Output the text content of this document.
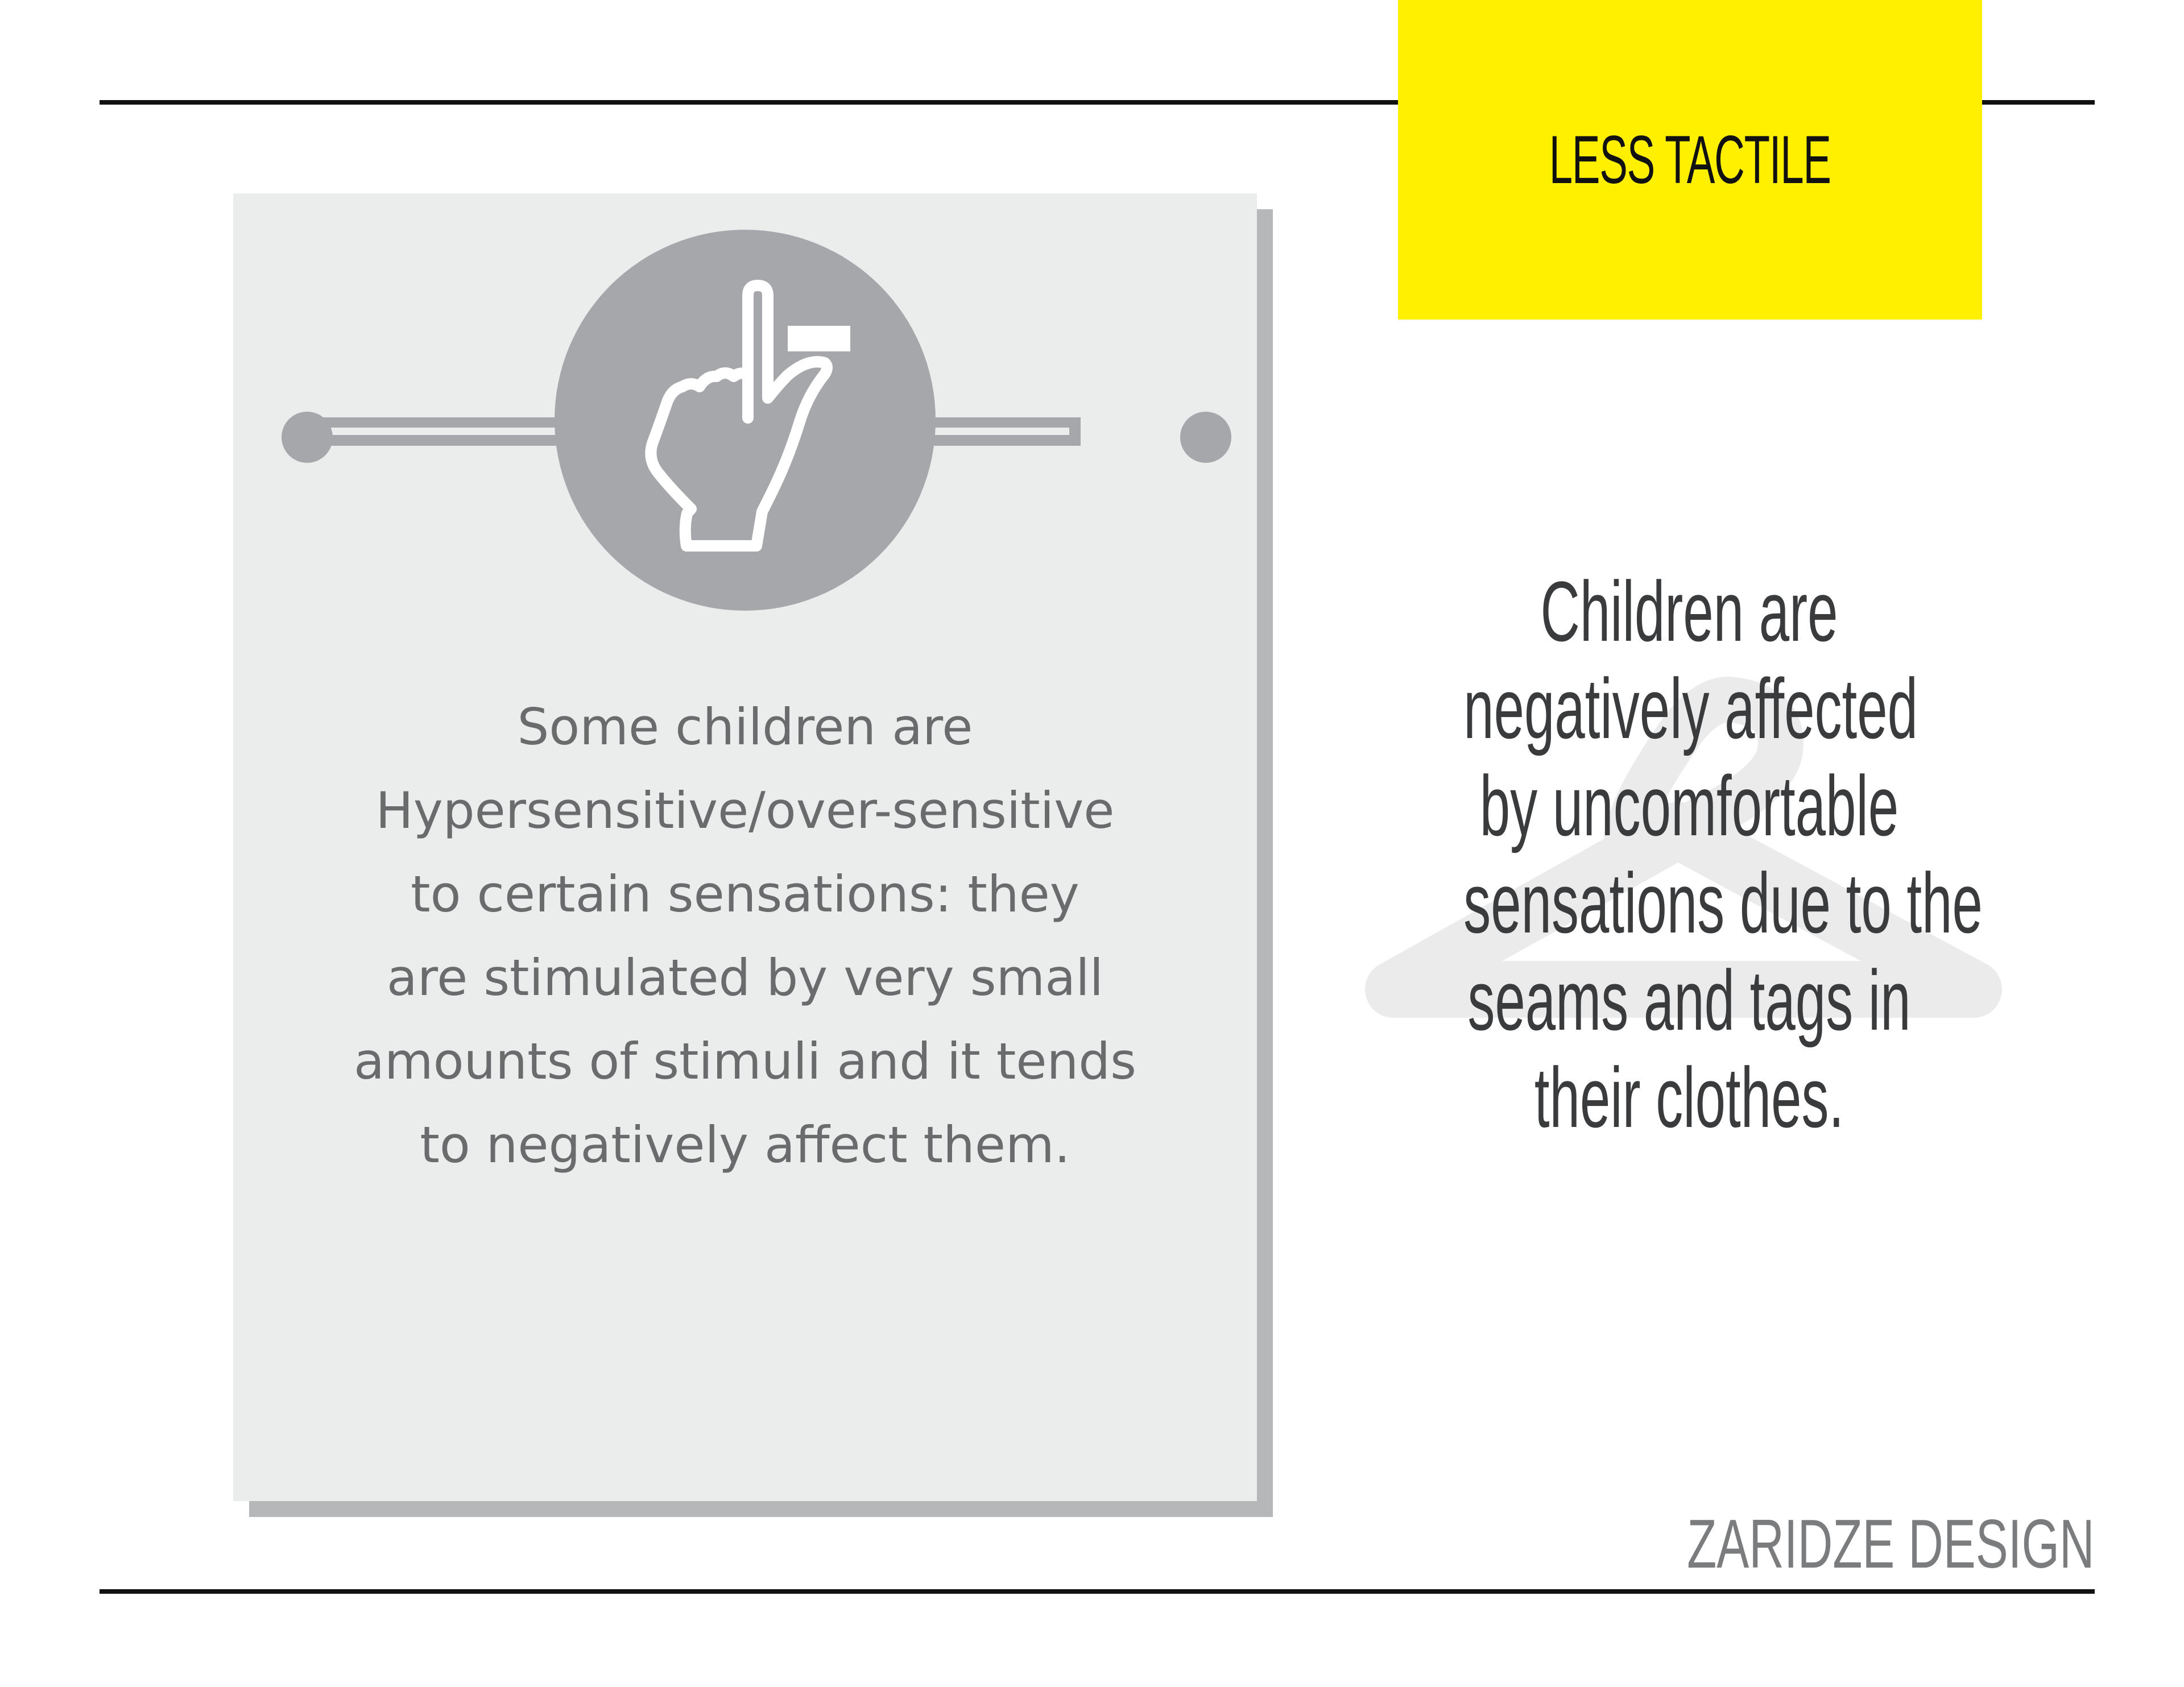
LESS TACTILE
Some children are
Hypersensitive/over-sensitive
to certain sensations: they
are stimulated by very small
amounts of stimuli and it tends
to negatively affect them.
Children are
negatively affected
by uncomfortable
sensations due to the
seams and tags in
their clothes.
ZARIDZE DESIGN
